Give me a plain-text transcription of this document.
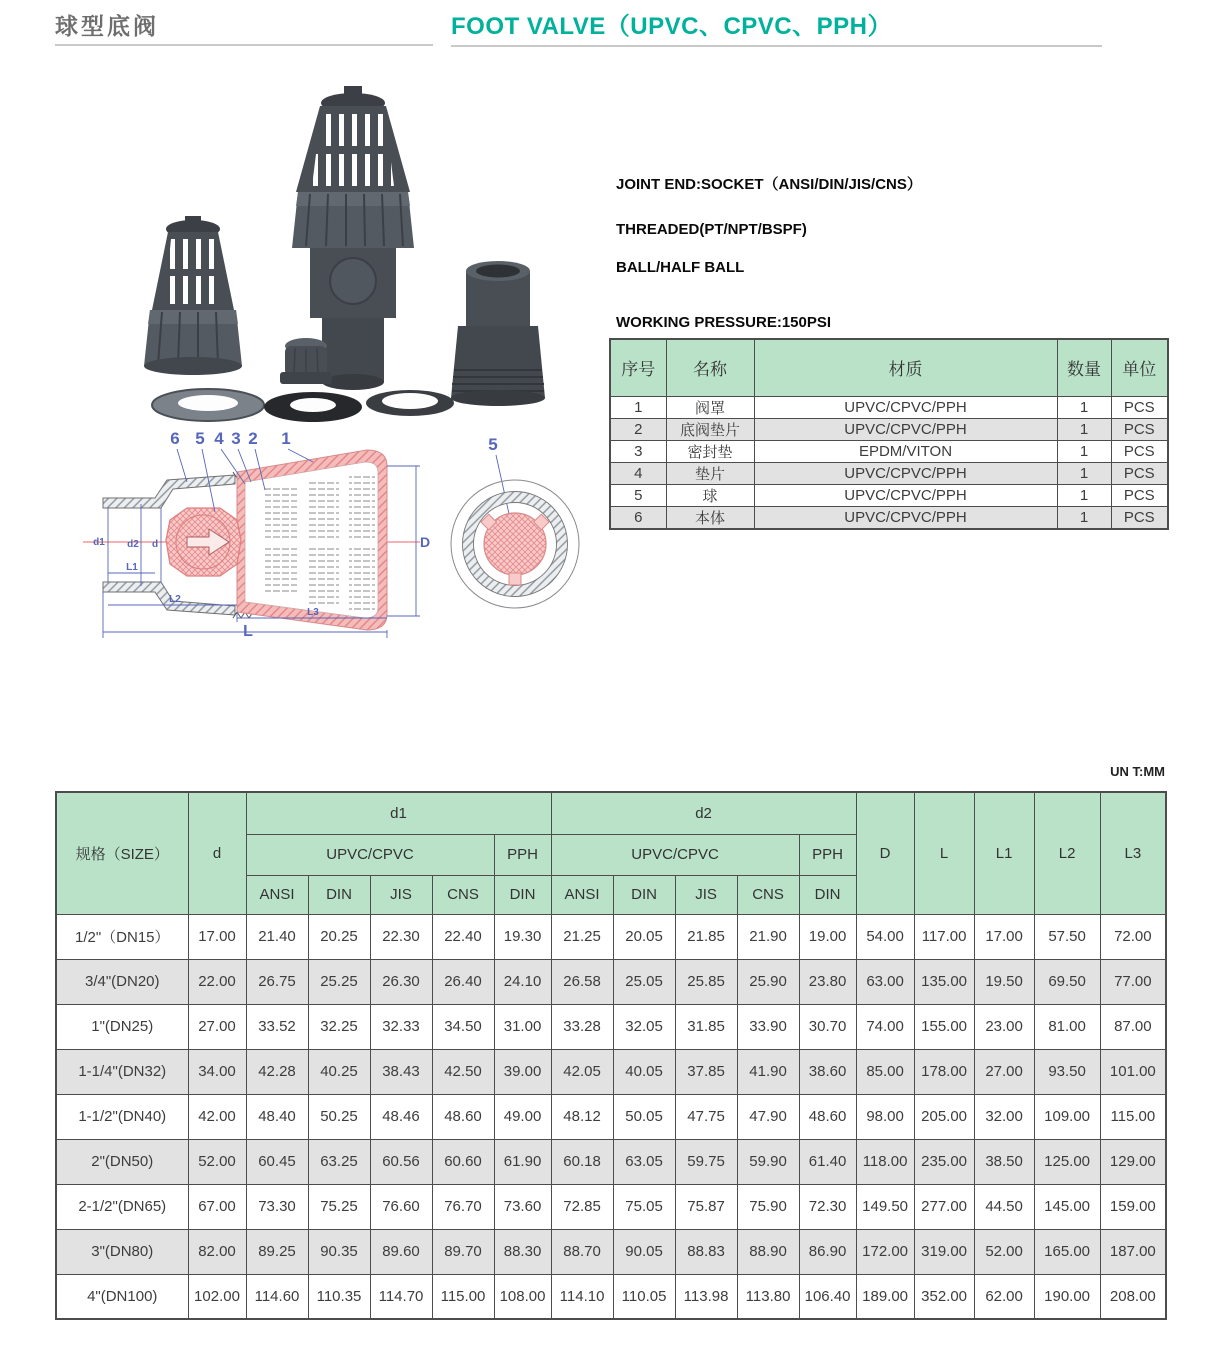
球型底阀	FOOT VALVE（UPVC、CPVC、PPH）
JOINT END:SOCKET（ANSI/DIN/JIS/CNS）
THREADED(PT/NPT/BSPF)
BALL/HALF BALL
WORKING PRESSURE:150PSI
序号	名称	材质	数量	单位
1	阀罩	UPVC/CPVC/PPH	1	PCS
2	底阀垫片	UPVC/CPVC/PPH	1	PCS
3	密封垫	EPDM/VITON	1	PCS
4	垫片	UPVC/CPVC/PPH	1	PCS
5	球	UPVC/CPVC/PPH	1	PCS
6	本体	UPVC/CPVC/PPH	1	PCS
6 5 4 3 2 1	5
d1 d2 d
L1
L2
L3
L
D
UN T:MM
规格（SIZE）	d	d1					d2					D	L	L1	L2	L3
		UPVC/CPVC				PPH	UPVC/CPVC				PPH					
		ANSI	DIN	JIS	CNS	DIN	ANSI	DIN	JIS	CNS	DIN					
1/2"（DN15）	17.00	21.40	20.25	22.30	22.40	19.30	21.25	20.05	21.85	21.90	19.00	54.00	117.00	17.00	57.50	72.00
3/4"(DN20)	22.00	26.75	25.25	26.30	26.40	24.10	26.58	25.05	25.85	25.90	23.80	63.00	135.00	19.50	69.50	77.00
1"(DN25)	27.00	33.52	32.25	32.33	34.50	31.00	33.28	32.05	31.85	33.90	30.70	74.00	155.00	23.00	81.00	87.00
1-1/4"(DN32)	34.00	42.28	40.25	38.43	42.50	39.00	42.05	40.05	37.85	41.90	38.60	85.00	178.00	27.00	93.50	101.00
1-1/2"(DN40)	42.00	48.40	50.25	48.46	48.60	49.00	48.12	50.05	47.75	47.90	48.60	98.00	205.00	32.00	109.00	115.00
2"(DN50)	52.00	60.45	63.25	60.56	60.60	61.90	60.18	63.05	59.75	59.90	61.40	118.00	235.00	38.50	125.00	129.00
2-1/2"(DN65)	67.00	73.30	75.25	76.60	76.70	73.60	72.85	75.05	75.87	75.90	72.30	149.50	277.00	44.50	145.00	159.00
3"(DN80)	82.00	89.25	90.35	89.60	89.70	88.30	88.70	90.05	88.83	88.90	86.90	172.00	319.00	52.00	165.00	187.00
4"(DN100)	102.00	114.60	110.35	114.70	115.00	108.00	114.10	110.05	113.98	113.80	106.40	189.00	352.00	62.00	190.00	208.00
